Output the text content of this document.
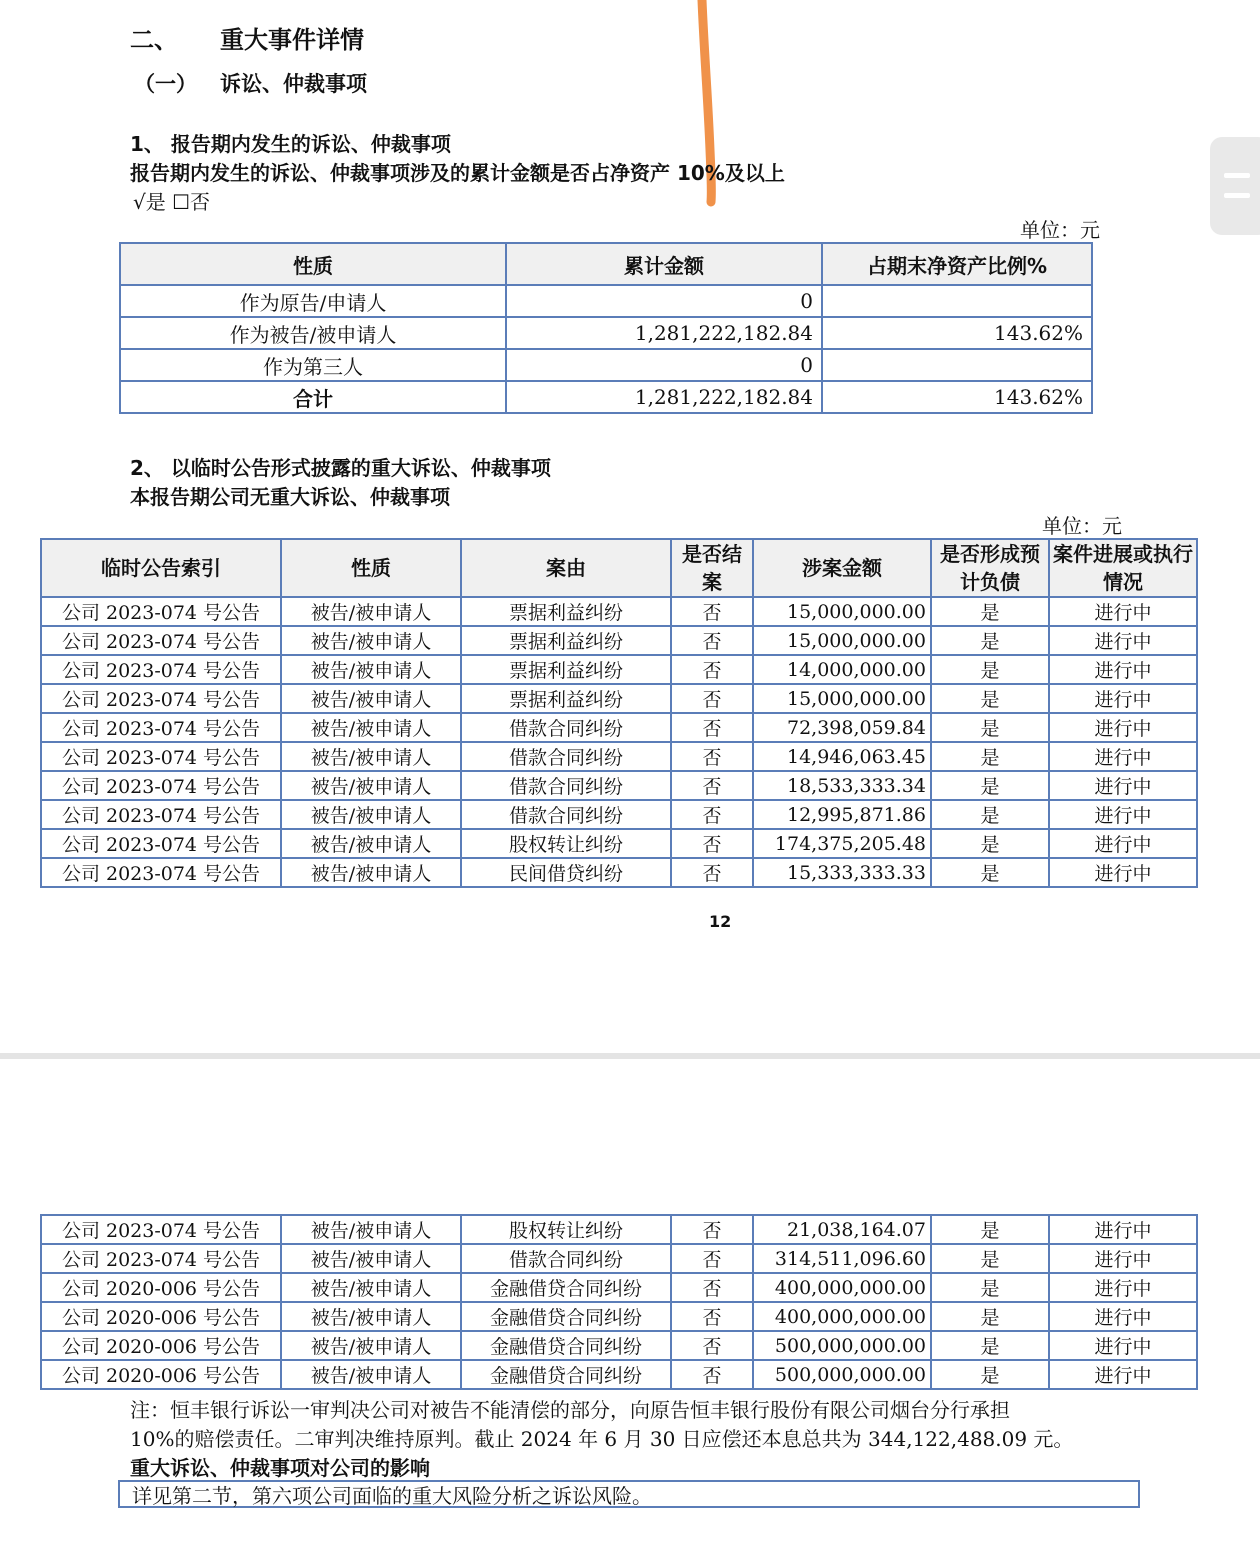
二、 重大事件详情
（一） 诉讼、仲裁事项
1、 报告期内发生的诉讼、仲裁事项
报告期内发生的诉讼、仲裁事项涉及的累计金额是否占净资产 10%及以上
√是 ☐否
单位：元
性质	累计金额	占期末净资产比例%
作为原告/申请人	0	
作为被告/被申请人	1,281,222,182.84	143.62%
作为第三人	0	
合计	1,281,222,182.84	143.62%
2、 以临时公告形式披露的重大诉讼、仲裁事项
本报告期公司无重大诉讼、仲裁事项
单位：元
临时公告索引	性质	案由	是否结案	涉案金额	是否形成预计负债	案件进展或执行情况
公司 2023-074 号公告	被告/被申请人	票据利益纠纷	否	15,000,000.00	是	进行中
公司 2023-074 号公告	被告/被申请人	票据利益纠纷	否	15,000,000.00	是	进行中
公司 2023-074 号公告	被告/被申请人	票据利益纠纷	否	14,000,000.00	是	进行中
公司 2023-074 号公告	被告/被申请人	票据利益纠纷	否	15,000,000.00	是	进行中
公司 2023-074 号公告	被告/被申请人	借款合同纠纷	否	72,398,059.84	是	进行中
公司 2023-074 号公告	被告/被申请人	借款合同纠纷	否	14,946,063.45	是	进行中
公司 2023-074 号公告	被告/被申请人	借款合同纠纷	否	18,533,333.34	是	进行中
公司 2023-074 号公告	被告/被申请人	借款合同纠纷	否	12,995,871.86	是	进行中
公司 2023-074 号公告	被告/被申请人	股权转让纠纷	否	174,375,205.48	是	进行中
公司 2023-074 号公告	被告/被申请人	民间借贷纠纷	否	15,333,333.33	是	进行中
12
公司 2023-074 号公告	被告/被申请人	股权转让纠纷	否	21,038,164.07	是	进行中
公司 2023-074 号公告	被告/被申请人	借款合同纠纷	否	314,511,096.60	是	进行中
公司 2020-006 号公告	被告/被申请人	金融借贷合同纠纷	否	400,000,000.00	是	进行中
公司 2020-006 号公告	被告/被申请人	金融借贷合同纠纷	否	400,000,000.00	是	进行中
公司 2020-006 号公告	被告/被申请人	金融借贷合同纠纷	否	500,000,000.00	是	进行中
公司 2020-006 号公告	被告/被申请人	金融借贷合同纠纷	否	500,000,000.00	是	进行中
注：恒丰银行诉讼一审判决公司对被告不能清偿的部分，向原告恒丰银行股份有限公司烟台分行承担
10%的赔偿责任。二审判决维持原判。截止 2024 年 6 月 30 日应偿还本息总共为 344,122,488.09 元。
重大诉讼、仲裁事项对公司的影响
详见第二节，第六项公司面临的重大风险分析之诉讼风险。
